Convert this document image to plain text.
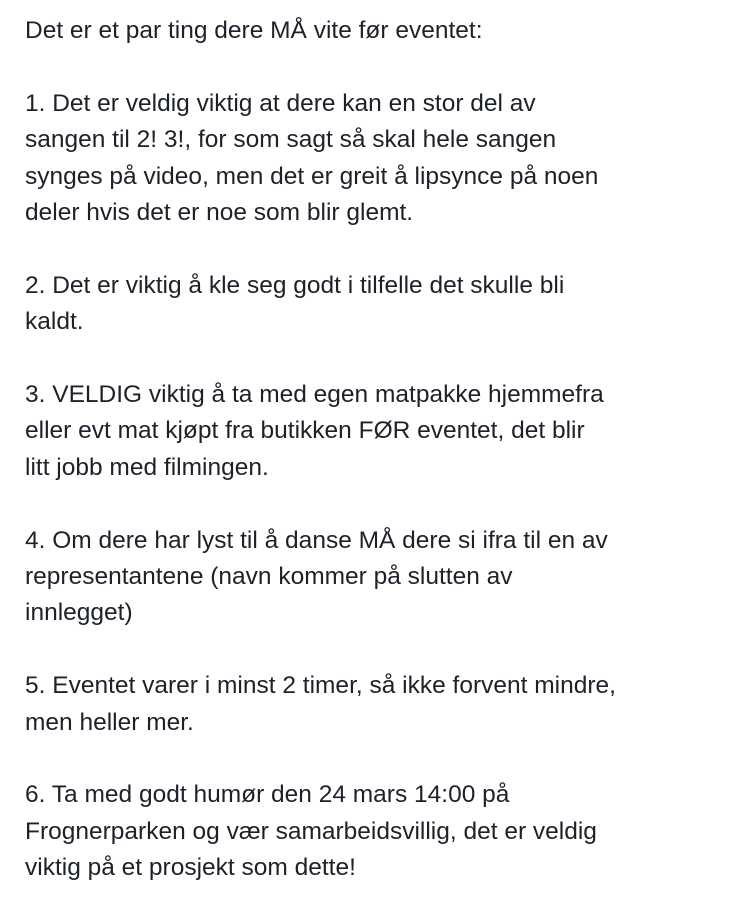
Det er et par ting dere MÅ vite før eventet:

1. Det er veldig viktig at dere kan en stor del av
sangen til 2! 3!, for som sagt så skal hele sangen
synges på video, men det er greit å lipsynce på noen
deler hvis det er noe som blir glemt.

2. Det er viktig å kle seg godt i tilfelle det skulle bli
kaldt.

3. VELDIG viktig å ta med egen matpakke hjemmefra
eller evt mat kjøpt fra butikken FØR eventet, det blir
litt jobb med filmingen.

4. Om dere har lyst til å danse MÅ dere si ifra til en av
representantene (navn kommer på slutten av
innlegget)

5. Eventet varer i minst 2 timer, så ikke forvent mindre,
men heller mer.

6. Ta med godt humør den 24 mars 14:00 på
Frognerparken og vær samarbeidsvillig, det er veldig
viktig på et prosjekt som dette!
